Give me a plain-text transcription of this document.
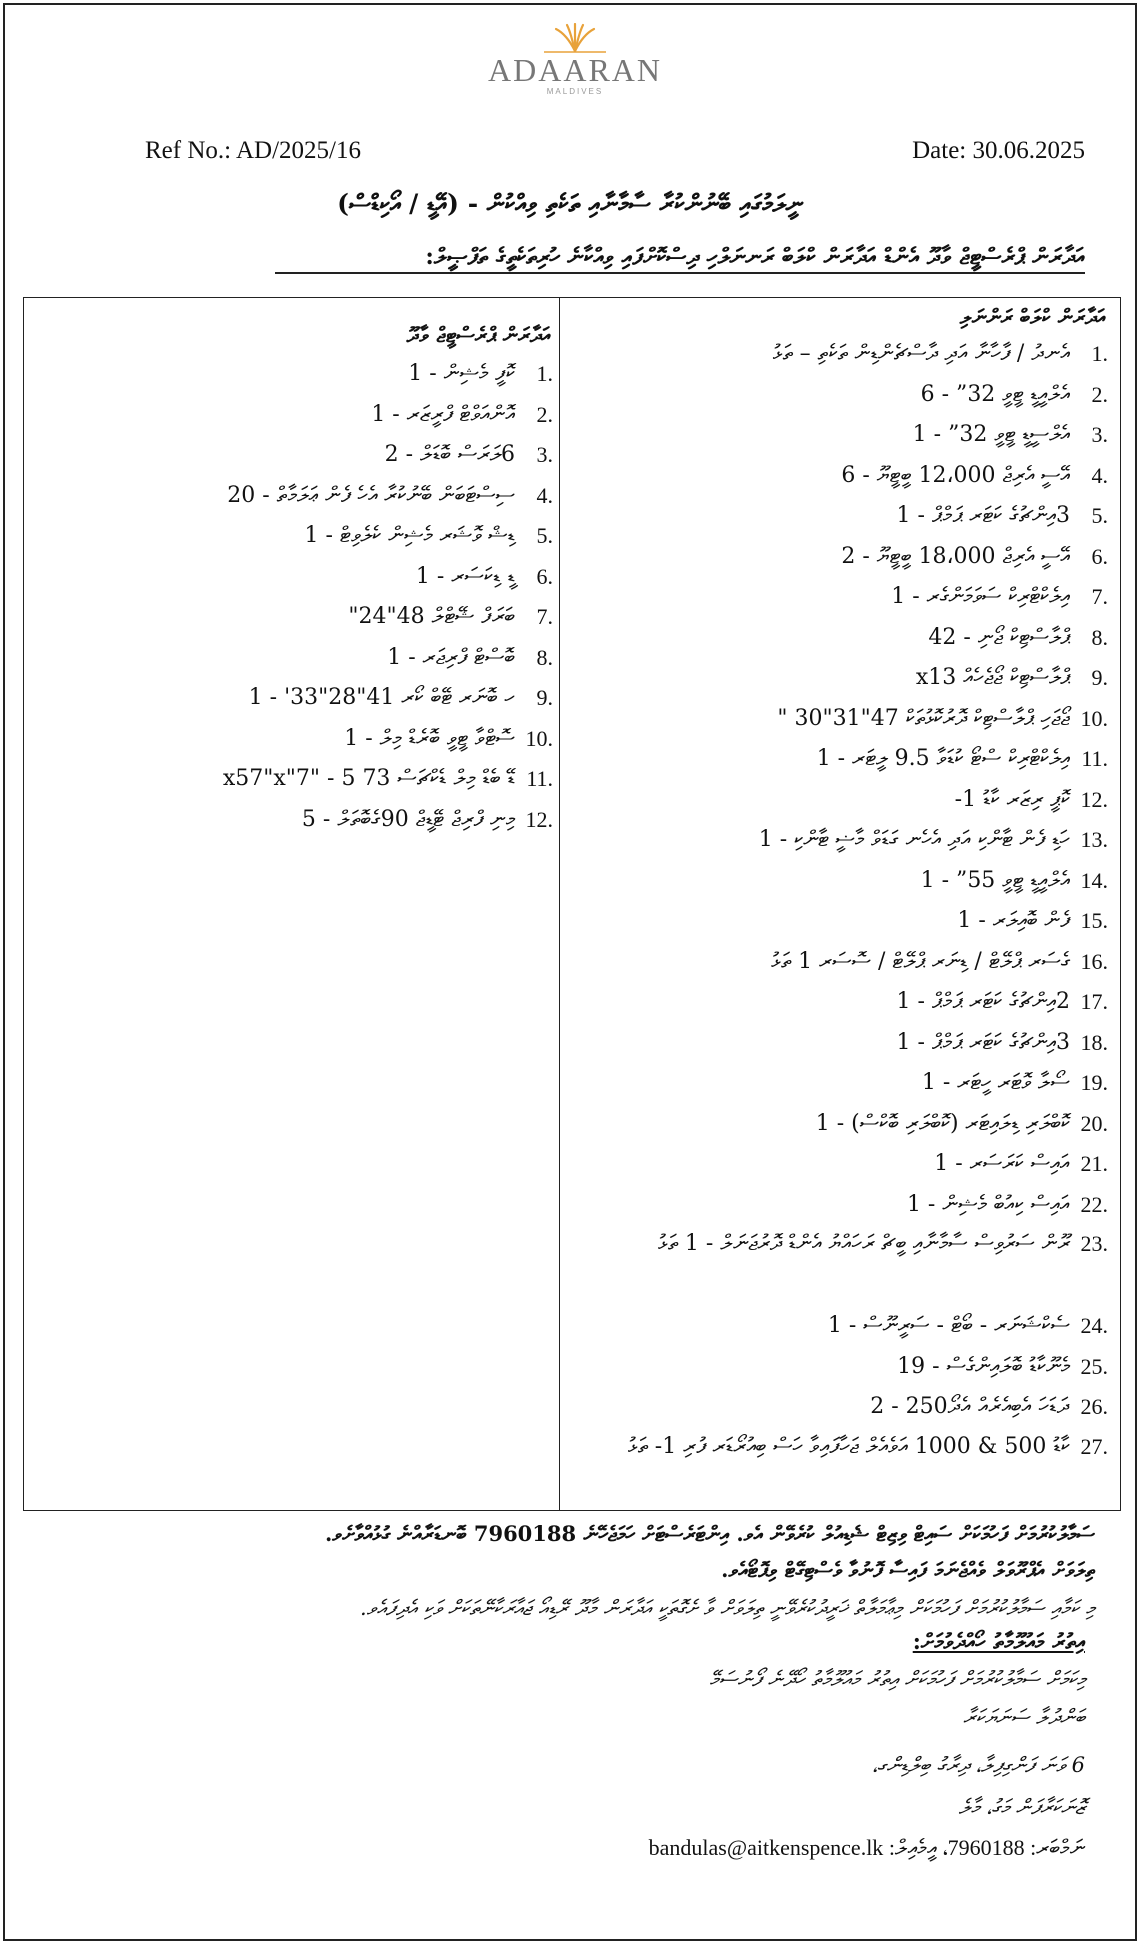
ADAARAN
MALDIVES
Ref No.: AD/2025/16	Date: 30.06.2025
ނީލަމުގައި ބޭނުންކުރާ ސާމާނާއި ތަކެތި ވިއްކުން - (އޭޑީ / އޯކިޑްސް)
އަދާރަން ޕްރެސްޓީޖް ވާދޫ އެންޑް އަދާރަން ކްލަބް ރަނނަލްހި ދިސްކޮށްފައި ވިއްކާނެ ހުރިތަކެތީގެ ތަފްޞީލް:
އަދާރަން ކްލަބް ރަންނަލި
1.
އެނދު / ފާހާނާ އަދި ދާސްޗެންޑިން ތަކެތި – ތަޅު
2.
އެލްއީޑީ ޓީވީ 32” - 6
3.
އެލްސީޑީ ޓީވީ 32” - 1
4.
އޭސީ އެރިޖް 12،000 ބީޓީޔޫ - 6
5.
3އިންޗުގެ ކަޓަރ ޕަމްޕް - 1
6.
އޭސީ އެރިޖް 18،000 ބީޓީޔޫ - 2
7.
އިލެކްޓްރިކް ސަވަމަންގެރ - 1
8.
ޕްލާސްޓިކް ޖޯނި - 42
9.
ޕްލާސްޓިކް ޖޯޖެހެއް x13
10.
ޖޯޖަހި ޕްލާސްޓިކް ދޮރުކޮޅުތަކް 47"31"30 "
11.
އިލެކްޓްރިކް ސްޓޯ ކުޑަވާ 9.5 ލީޓަރ - 1
12.
ކޮޕީ ރިޒަރ ކާޑު 1-
13.
ހަޑި ފެން ޓާންކި އަދި އެހެނ ގަޑަވް މާޟީ ޓާންކި - 1
14.
އެލްއީޑީ ޓީވީ 55” - 1
15.
ފެން ބޮއިލަރ - 1
16.
ގެސަރ ޕްލޭޓް / ޑިނަރ ޕްލޭޓް / ސޮސަރ 1 ތަޅު
17.
2އިންޗުގެ ކަޓަރ ޕަމްޕް - 1
18.
3އިންޗުގެ ކަޓަރ ޕަމްޕް - 1
19.
ސޯލާ ވޮޓަރ ހީޓަރ - 1
20.
ކޮބްލަރި ޑިލައިޓަރ (ކޮބްލަރި ބޮކްސް) - 1
21.
އައިސް ކަރަސަރ - 1
22.
އައިސް ކިއުބް މެޝިން - 1
23.
ރޫން ސަރުވިސް ސާމާނާއި ބީޗް ރަހައްޔު އެންޑް ދޮރުޖަނަލް - 1 ތަޅު
24.
ސެކްޝަނަރ - ބޯޓް - ސަރީނޫސް - 1
25.
މެނޫކާޑު ބޮލައިންގެސް - 19
26.
ދަޑަހަ އެބިއެރެއް އެދޯ250 - 2
27.
ކާޑު 500 & 1000 އަވެއެލް ޖަހާފައިވާ ހަސް ބިއުރޯޑަރ ފުރި 1- ތަޅު
އަދާރަން ޕްރެސްޓީޖް ވާދޫ
1.
ކޮފީ މެޝިން - 1
2.
އޮންއަވްޓް ފްރީޒަރ - 1
3.
6ލަރަސް ބޮޑަލް - 2
4.
ސިސްޓަބަން ބޭނުކުރާ އެހެ ފެން ޢަލަމާތް - 20
5.
ޑިޝް ވޮޝަރ މެޝިން ކެލެވިޓް - 1
6.
ޑީ ޑިކަސަރ - 1
7.
ބަރަފް ޝޭޓްލް 48"24"
8.
ބޮސްޓް ފްރިޖަރ - 1
9.
ހ ބޮނަރ ޓޭބް ކޯރ 41"28"33' - 1
10.
ސޮޓްވާ ޓީވީ ބޮރެޑް މިލް - 1
11.
ޑޭ ބެޑް މިލް ޑެކްޗަސް 73 5 - "7"x57"x
12.
މިނި ފްރިޖް ޓޭޑީޖް 90ގެބޮތަލް - 5
ސަމާލުކުރުމަށް ފަހުމަކަށް ސައިޓް ވިޒިޓް ޝެޑިއުލް ކުރެވޭން އެވ. އިންޓަރެސްޓަށް ހަމަޖެހޭނެ 7960188 ބޮނޑަރާއްނެ ގުޅުއްވާށެވ.
ތިލަވަށް އެޕްރޫވަލް ވެއްޖެނަމަ ފައިސާ ފޮނުވާ ވެސްޓިގޭޓް ވިޕޮޓޯއެވ.
މި ކަމާއި ސަމާލުކުރުމަށް ފަހުމަކަށް މިޢާމަލާތް ޚަރީދުކުރެވޭނީ ތިލަވަށް ވާ ށެގޮތަކީ އަދާރަން މާދޫ ރޭޑިއޯ ޖައާރަކާނޭތަކަށް ވަކި އެދިފައެވ.
އިތުރު މައުލޫމާތު ހޯއްދެވުމަށް:
މިކަމަށް ސަމާލުކުރުމަށް ފަހުމަކަށް އިތުރު މައުލޫމާތު ހޯދޭނެ ފޯނުސަމޭ
ބަންދުލާ ސަނަޔަކަރާ
6 ވަނަ ފަންގިފިލާ، ދިރާގު ބިލްޑިންގ،
ޒޮނަކަރާފަން މަގު، މާލެ
ނަމްބަރ: 7960188، އީމެއިލް: bandulas@aitkenspence.lk
